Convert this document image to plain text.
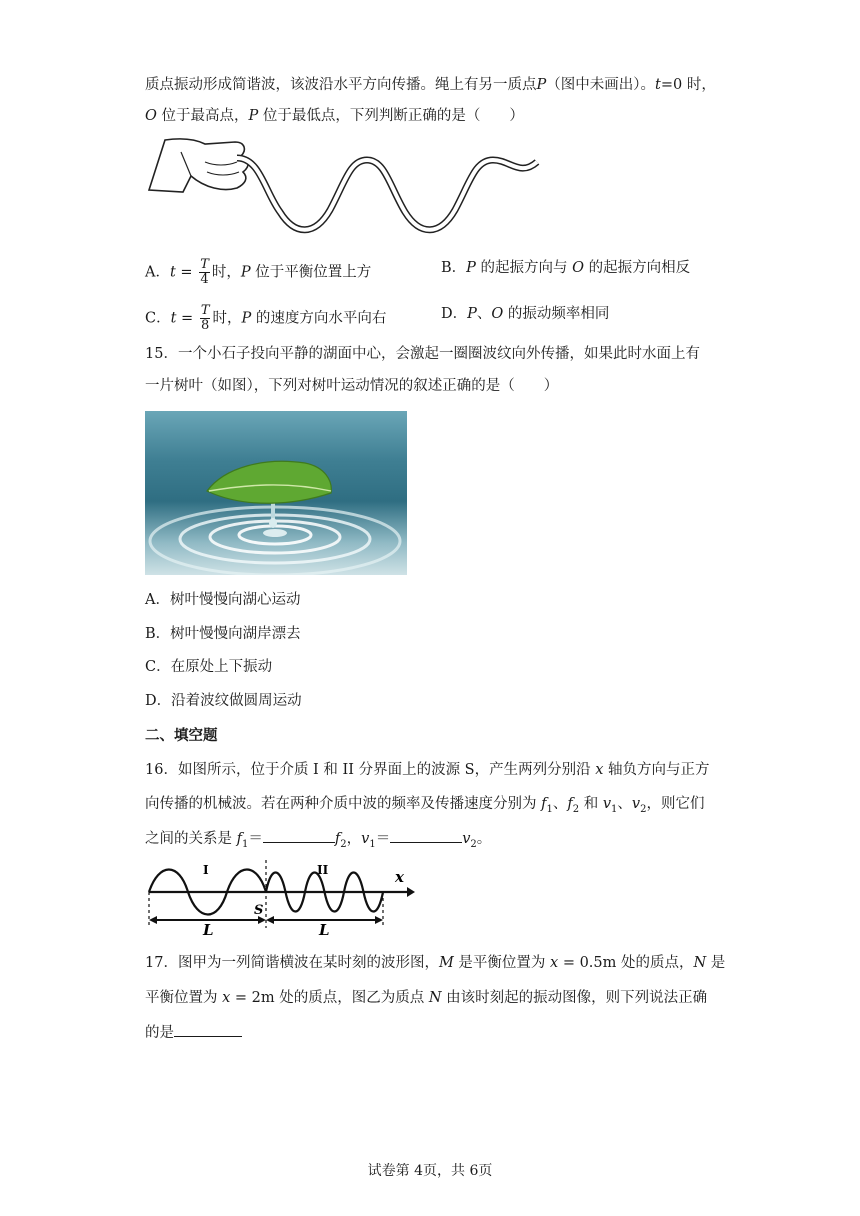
质点振动形成简谐波，该波沿水平方向传播。绳上有另一质点P（图中未画出）。t=0 时，
O 位于最高点，P 位于最低点，下列判断正确的是（　　）
A．$t = \frac{T}{4}$ 时，P 位于平衡位置上方	B．P 的起振方向与 O 的起振方向相反
C．$t = \frac{T}{8}$ 时，P 的速度方向水平向右	D．P、O 的振动频率相同
15．一个小石子投向平静的湖面中心，会激起一圈圈波纹向外传播，如果此时水面上有
一片树叶（如图），下列对树叶运动情况的叙述正确的是（　　）
A．树叶慢慢向湖心运动
B．树叶慢慢向湖岸漂去
C．在原处上下振动
D．沿着波纹做圆周运动
二、填空题
16．如图所示，位于介质 I 和 II 分界面上的波源 S，产生两列分别沿 x 轴负方向与正方
向传播的机械波。若在两种介质中波的频率及传播速度分别为 $f_1$、$f_2$ 和 $v_1$、$v_2$，则它们
之间的关系是 $f_1=$	$f_2$，$v_1=$	$v_2$。
x
I	II
S
L	L
17．图甲为一列简谐横波在某时刻的波形图，M 是平衡位置为 x = 0.5m 处的质点，N 是
平衡位置为 x = 2m 处的质点，图乙为质点 N 由该时刻起的振动图像，则下列说法正确
的是
试卷第 4页，共 6页
